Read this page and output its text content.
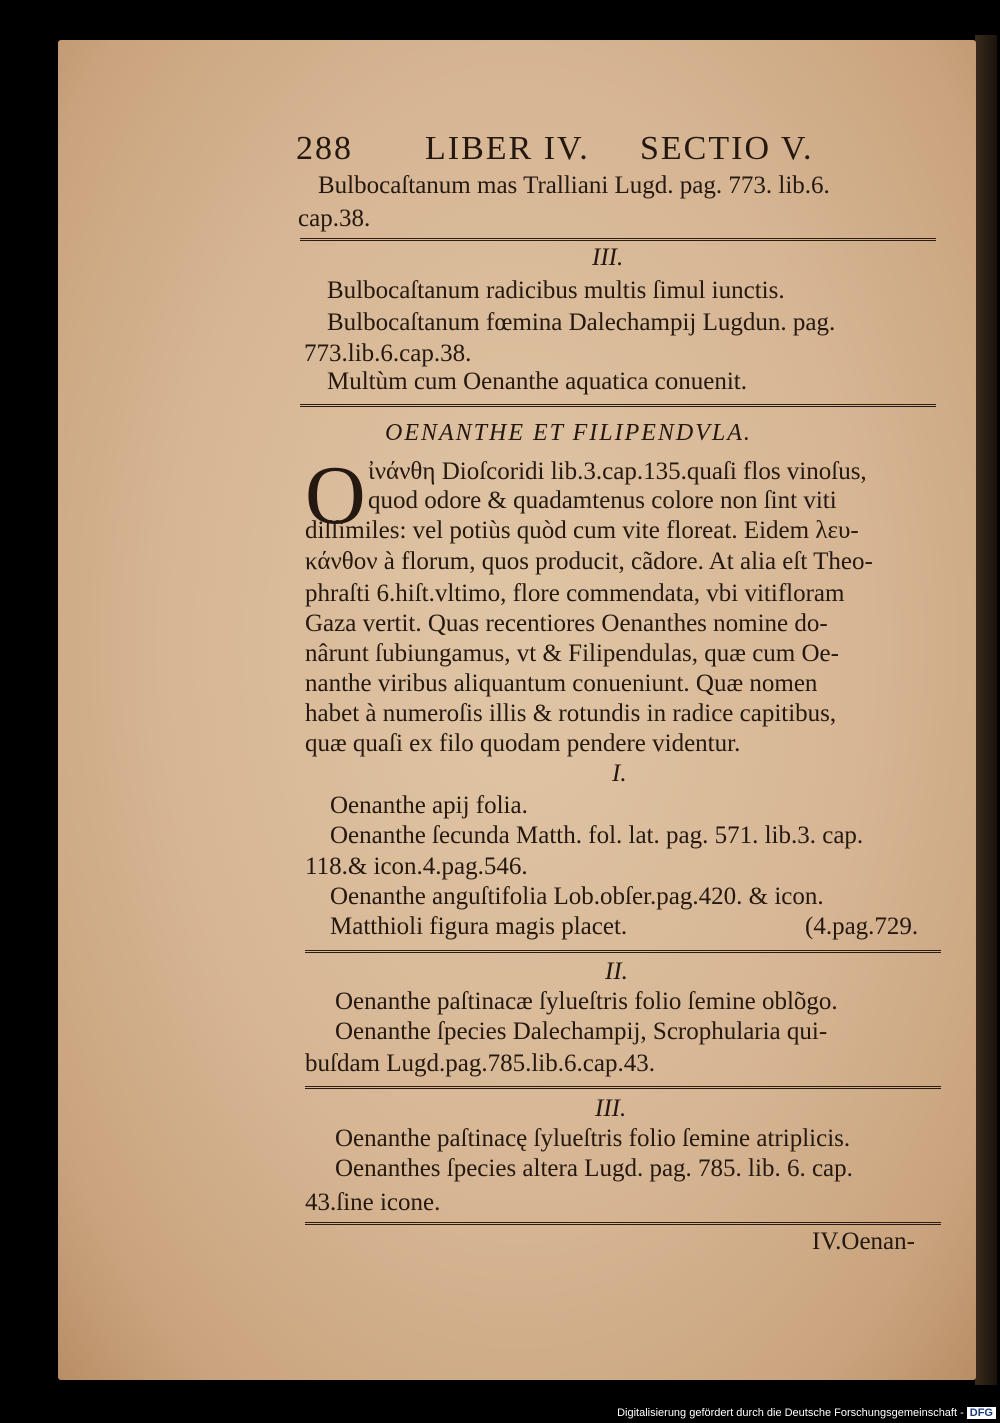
288 LIBER IV. SECTIO V.
Bulbocaſtanum mas Tralliani Lugd. pag. 773. lib.6.
cap.38.
III.
Bulbocaſtanum radicibus multis ſimul iunctis.
Bulbocaſtanum fœmina Dalechampij Lugdun. pag.
773.lib.6.cap.38.
Multùm cum Oenanthe aquatica conuenit.
OENANTHE ET FILIPENDVLA.
O ἰνάνθη Dioſcoridi lib.3.cap.135.quaſi flos vinoſus,
quod odore & quadamtenus colore non ſint viti
diſſimiles: vel potiùs quòd cum vite floreat. Eidem λευ-
κάνθον à florum, quos producit, cãdore. At alia eſt Theo-
phraſti 6.hiſt.vltimo, flore commendata, vbi vitifloram
Gaza vertit. Quas recentiores Oenanthes nomine do-
nârunt ſubiungamus, vt & Filipendulas, quæ cum Oe-
nanthe viribus aliquantum conueniunt. Quæ nomen
habet à numeroſis illis & rotundis in radice capitibus,
quæ quaſi ex filo quodam pendere videntur.
I.
Oenanthe apij folia.
Oenanthe ſecunda Matth. fol. lat. pag. 571. lib.3. cap.
118.& icon.4.pag.546.
Oenanthe anguſtifolia Lob.obſer.pag.420. & icon.
Matthioli figura magis placet.	(4.pag.729.
II.
Oenanthe paſtinacæ ſylueſtris folio ſemine oblõgo.
Oenanthe ſpecies Dalechampij, Scrophularia qui-
buſdam Lugd.pag.785.lib.6.cap.43.
III.
Oenanthe paſtinacę ſylueſtris folio ſemine atriplicis.
Oenanthes ſpecies altera Lugd. pag. 785. lib. 6. cap.
43.ſine icone.
IV.Oenan-
Digitalisierung gefördert durch die Deutsche Forschungsgemeinschaft - DFG
